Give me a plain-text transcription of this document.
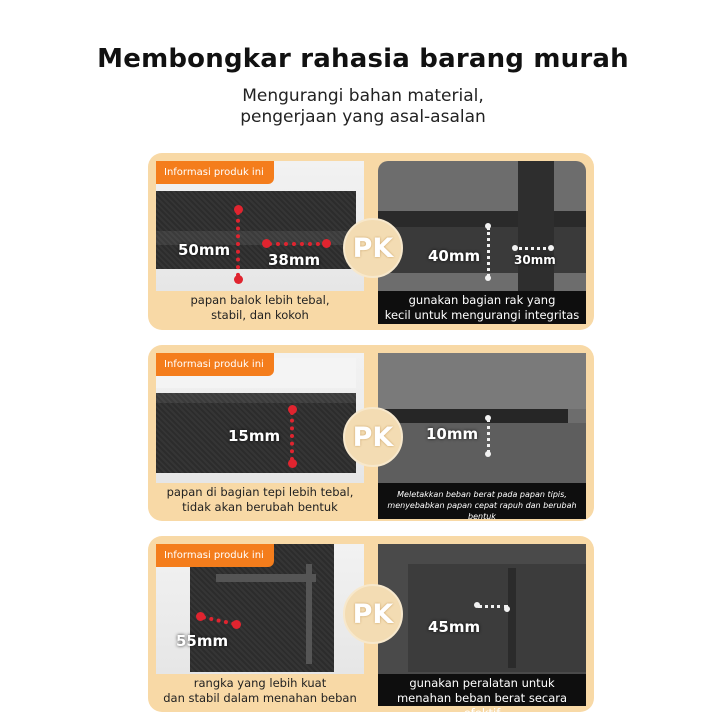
Membongkar rahasia barang murah
Mengurangi bahan material,
pengerjaan yang asal-asalan
Informasi produk ini
50mm
38mm
papan balok lebih tebal,
stabil, dan kokoh
40mm	30mm
gunakan bagian rak yang
kecil untuk mengurangi integritas
PK
Informasi produk ini
15mm
papan di bagian tepi lebih tebal,
tidak akan berubah bentuk
10mm
Meletakkan beban berat pada papan tipis,
menyebabkan papan cepat rapuh dan berubah bentuk
PK
Informasi produk ini
55mm
rangka yang lebih kuat
dan stabil dalam menahan beban
45mm
gunakan peralatan untuk
menahan beban berat secara efektif
PK
